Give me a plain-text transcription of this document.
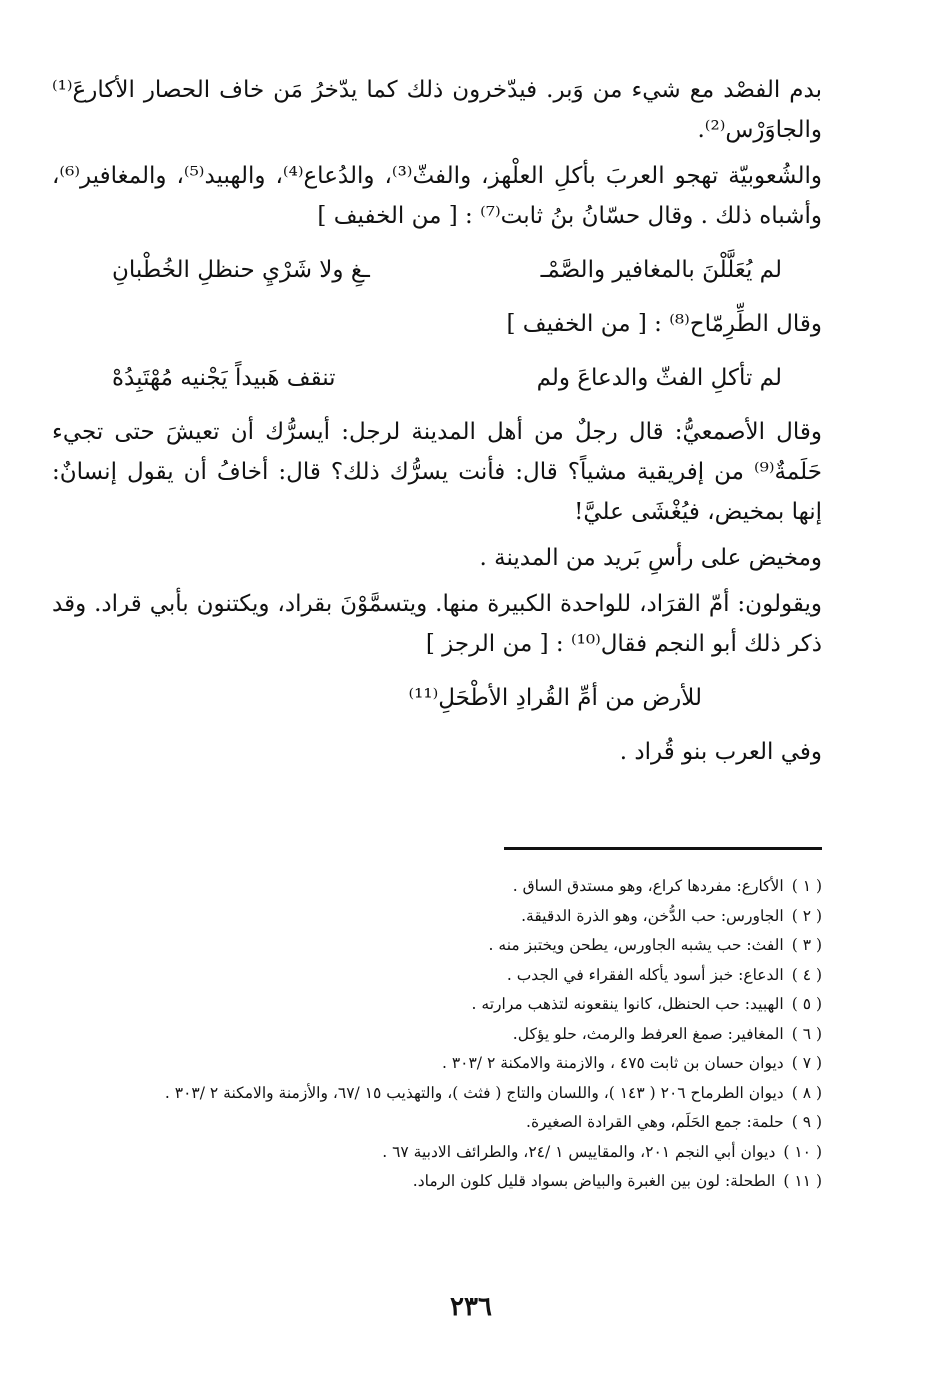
بدم الفصْد مع شيء من وَبر. فيدّخرون ذلك كما يدّخرُ مَن خاف الحصار الأكارعَ⁽¹⁾ والجاوَرْس⁽²⁾.

والشُعوبيّة تهجو العربَ بأكلِ العلْهز، والفثّ⁽³⁾، والدُعاع⁽⁴⁾، والهبيد⁽⁵⁾، والمغافير⁽⁶⁾، وأشباه ذلك . وقال حسّانُ بنُ ثابت⁽⁷⁾ : [ من الخفيف ]

لم يُعَلَّلْنَ بالمغافير والصَّمْـ
ـغِ ولا شَرْيِ حنظلِ الخُطْبانِ

وقال الطِّرِمّاح⁽⁸⁾ : [ من الخفيف ]

لم تأكلِ الفثّ والدعاعَ ولم
تنقف هَبيداً يَجْنيه مُهْتَبِدُهْ

وقال الأصمعيُّ: قال رجلٌ من أهل المدينة لرجل: أيسرُّك أن تعيشَ حتى تجيء حَلَمةٌ⁽⁹⁾ من إفريقية مشياً؟ قال: فأنت يسرُّك ذلك؟ قال: أخافُ أن يقول إنسانٌ: إنها بمخيض، فيُغْشَى عليَّ!

ومخيض على رأسِ بَريد من المدينة .

ويقولون: أمّ القرَاد، للواحدة الكبيرة منها. ويتسمَّوْنَ بقراد، ويكتنون بأبي قراد. وقد ذكر ذلك أبو النجم فقال⁽¹⁰⁾ : [ من الرجز ]

للأرض من أمِّ القُرادِ الأطْحَلِ⁽¹¹⁾

وفي العرب بنو قُراد .

( ١ )الأكارع: مفردها كراع، وهو مستدق الساق .
( ٢ )الجاورس: حب الدُّخن، وهو الذرة الدقيقة.
( ٣ )الفث: حب يشبه الجاورس، يطحن ويختبز منه .
( ٤ )الدعاع: خبز أسود يأكله الفقراء في الجدب .
( ٥ )الهبيد: حب الحنظل، كانوا ينقعونه لتذهب مرارته .
( ٦ )المغافير: صمغ العرفط والرمث، حلو يؤكل.
( ٧ )ديوان حسان بن ثابت ٤٧٥ ، والازمنة والامكنة ٢ /٣٠٣ .
( ٨ )ديوان الطرماح ٢٠٦ ( ١٤٣ )، واللسان والتاج ( فثث )، والتهذيب ١٥ /٦٧، والأزمنة والامكنة ٢ /٣٠٣ .
( ٩ )حلمة: جمع الحَلَم، وهي القرادة الصغيرة.
( ١٠ )ديوان أبي النجم ٢٠١، والمقاييس ١ /٢٤، والطرائف الادبية ٦٧ .
( ١١ )الطحلة: لون بين الغبرة والبياض بسواد قليل كلون الرماد.
٢٣٦
